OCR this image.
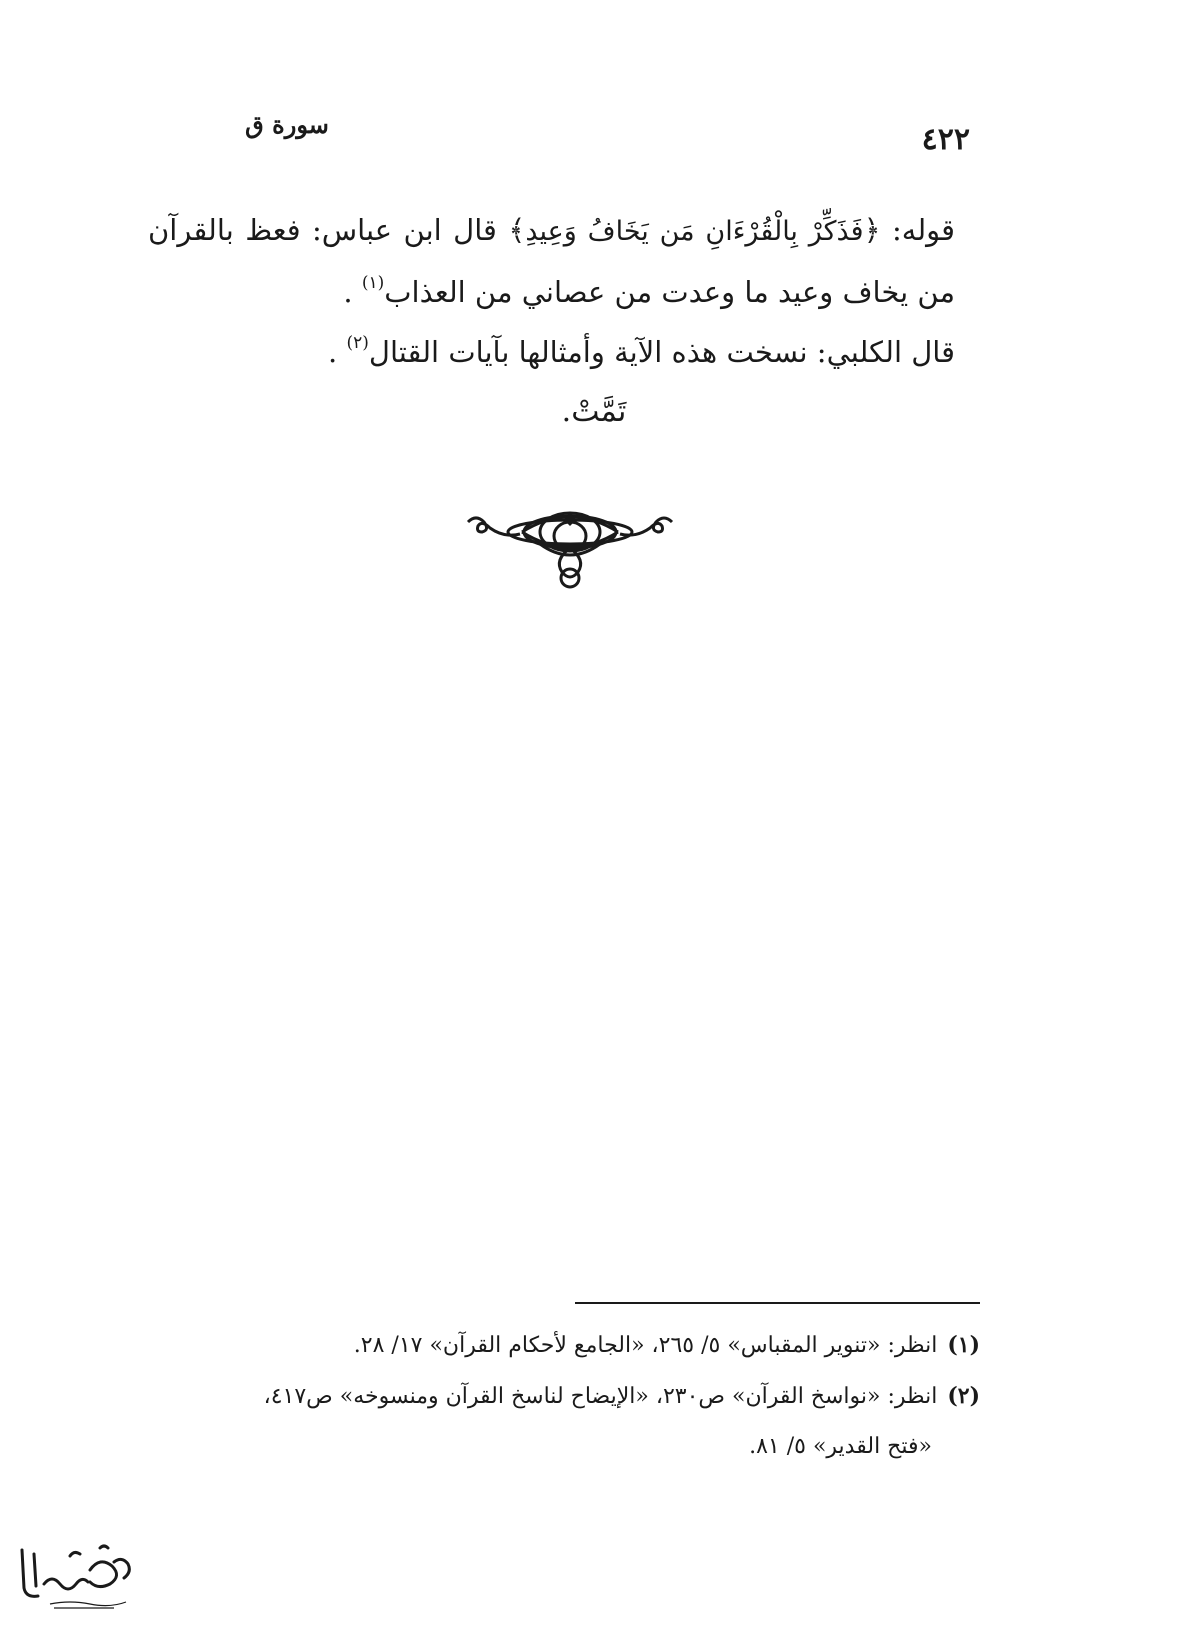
٤٢٢
سورة ق

قوله: ﴿فَذَكِّرْ بِالْقُرْءَانِ مَن يَخَافُ وَعِيدِ﴾ قال ابن عباس: فعظ بالقرآن من يخاف وعيد ما وعدت من عصاني من العذاب$^{(١)}$ .

قال الكلبي: نسخت هذه الآية وأمثالها بآيات القتال$^{(٢)}$ .

تَمَّتْ.

(١)انظر: «تنوير المقباس» ٥/ ٢٦٥، «الجامع لأحكام القرآن» ١٧/ ٢٨.

(٢)انظر: «نواسخ القرآن» ص٢٣٠، «الإيضاح لناسخ القرآن ومنسوخه» ص٤١٧،
«فتح القدير» ٥/ ٨١.
